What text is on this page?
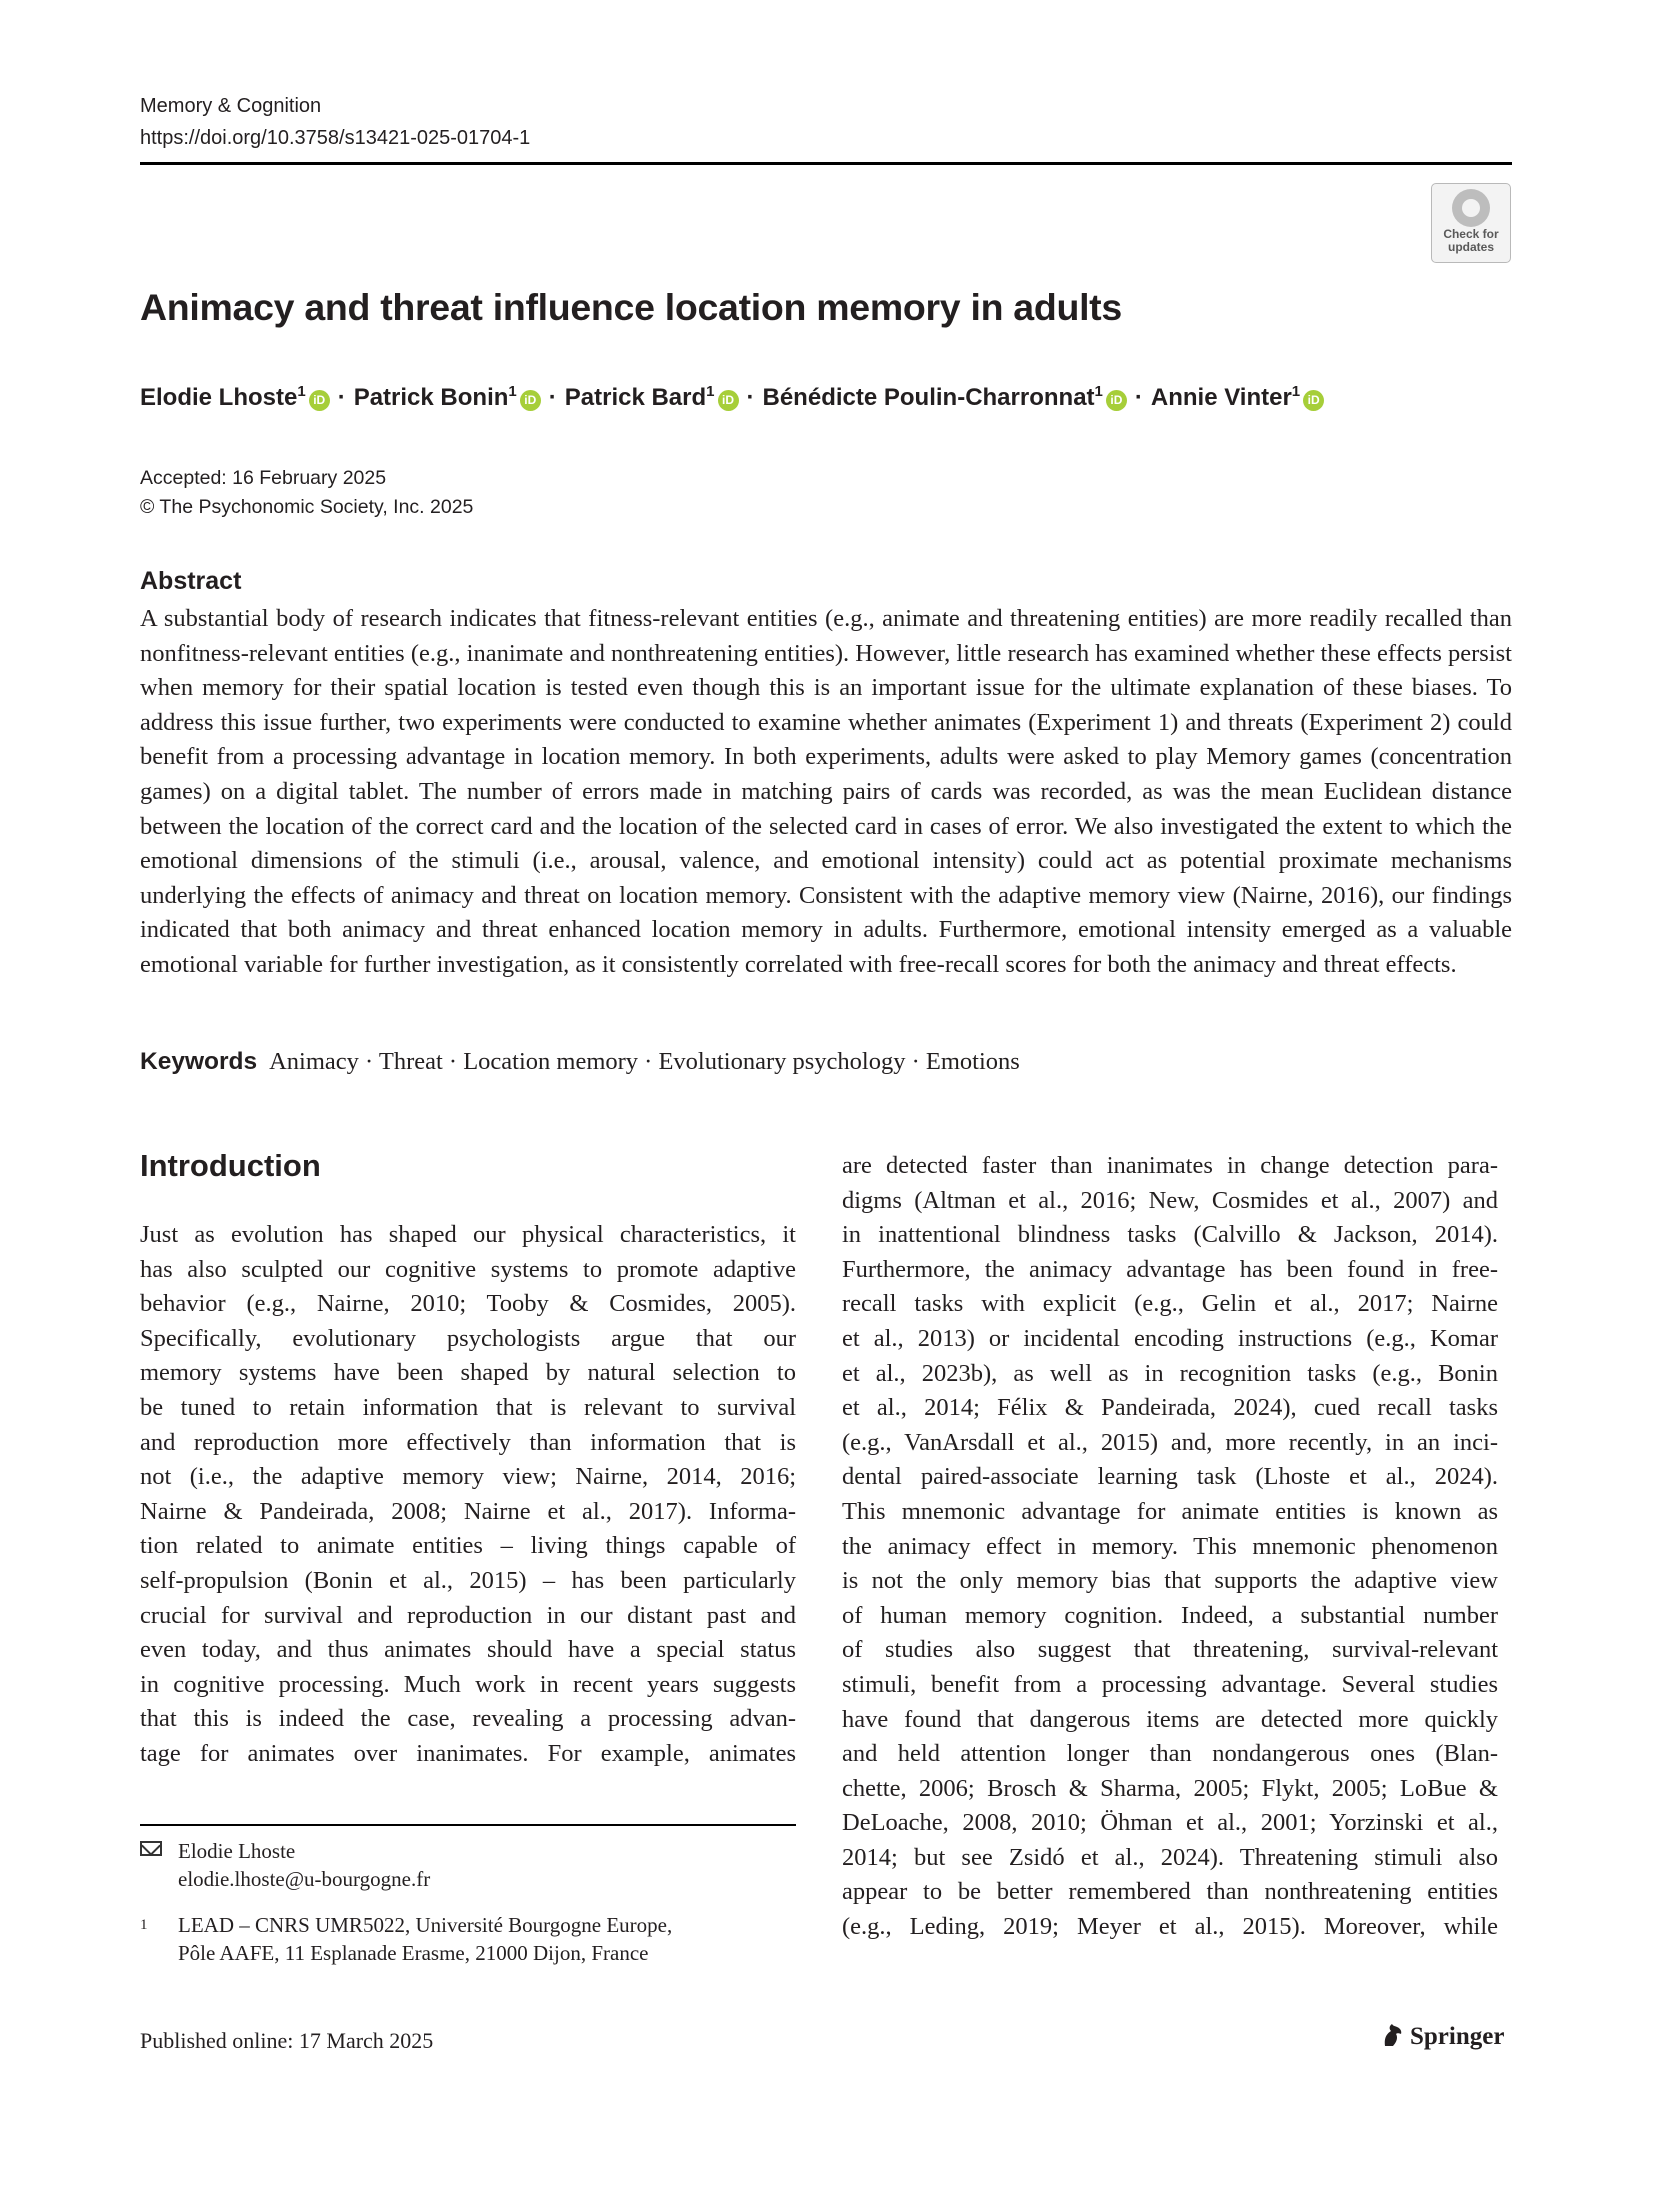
Memory & Cognition
https://doi.org/10.3758/s13421-025-01704-1
Check for
updates
Animacy and threat influence location memory in adults
Elodie Lhoste$^1$ iD · Patrick Bonin$^1$ iD · Patrick Bard$^1$ iD · Bénédicte Poulin-Charronnat$^1$ iD · Annie Vinter$^1$ iD
Accepted: 16 February 2025
© The Psychonomic Society, Inc. 2025
Abstract
A substantial body of research indicates that fitness-relevant entities (e.g., animate and threatening entities) are more readily recalled than nonfitness-relevant entities (e.g., inanimate and nonthreatening entities). However, little research has examined whether these effects persist when memory for their spatial location is tested even though this is an important issue for the ultimate explanation of these biases. To address this issue further, two experiments were conducted to examine whether animates (Experiment 1) and threats (Experiment 2) could benefit from a processing advantage in location memory. In both experiments, adults were asked to play Memory games (concentration games) on a digital tablet. The number of errors made in matching pairs of cards was recorded, as was the mean Euclidean distance between the location of the correct card and the location of the selected card in cases of error. We also investigated the extent to which the emotional dimensions of the stimuli (i.e., arousal, valence, and emotional intensity) could act as potential proximate mechanisms underlying the effects of animacy and threat on location memory. Consistent with the adaptive memory view (Nairne, 2016), our findings indicated that both animacy and threat enhanced location memory in adults. Furthermore, emotional intensity emerged as a valuable emotional variable for further investigation, as it consistently correlated with free-recall scores for both the animacy and threat effects.
Keywords Animacy · Threat · Location memory · Evolutionary psychology · Emotions
Introduction
Just as evolution has shaped our physical characteristics, it
has also sculpted our cognitive systems to promote adaptive
behavior (e.g., Nairne, 2010; Tooby & Cosmides, 2005).
Specifically, evolutionary psychologists argue that our
memory systems have been shaped by natural selection to
be tuned to retain information that is relevant to survival
and reproduction more effectively than information that is
not (i.e., the adaptive memory view; Nairne, 2014, 2016;
Nairne & Pandeirada, 2008; Nairne et al., 2017). Informa-
tion related to animate entities – living things capable of
self-propulsion (Bonin et al., 2015) – has been particularly
crucial for survival and reproduction in our distant past and
even today, and thus animates should have a special status
in cognitive processing. Much work in recent years suggests
that this is indeed the case, revealing a processing advan-
tage for animates over inanimates. For example, animates
are detected faster than inanimates in change detection para-
digms (Altman et al., 2016; New, Cosmides et al., 2007) and
in inattentional blindness tasks (Calvillo & Jackson, 2014).
Furthermore, the animacy advantage has been found in free-
recall tasks with explicit (e.g., Gelin et al., 2017; Nairne
et al., 2013) or incidental encoding instructions (e.g., Komar
et al., 2023b), as well as in recognition tasks (e.g., Bonin
et al., 2014; Félix & Pandeirada, 2024), cued recall tasks
(e.g., VanArsdall et al., 2015) and, more recently, in an inci-
dental paired-associate learning task (Lhoste et al., 2024).
This mnemonic advantage for animate entities is known as
the animacy effect in memory. This mnemonic phenomenon
is not the only memory bias that supports the adaptive view
of human memory cognition. Indeed, a substantial number
of studies also suggest that threatening, survival-relevant
stimuli, benefit from a processing advantage. Several studies
have found that dangerous items are detected more quickly
and held attention longer than nondangerous ones (Blan-
chette, 2006; Brosch & Sharma, 2005; Flykt, 2005; LoBue &
DeLoache, 2008, 2010; Öhman et al., 2001; Yorzinski et al.,
2014; but see Zsidó et al., 2024). Threatening stimuli also
appear to be better remembered than nonthreatening entities
(e.g., Leding, 2019; Meyer et al., 2015). Moreover, while
Elodie Lhoste
elodie.lhoste@u-bourgogne.fr
1 LEAD – CNRS UMR5022, Université Bourgogne Europe,
Pôle AAFE, 11 Esplanade Erasme, 21000 Dijon, France
Published online: 17 March 2025	Springer
